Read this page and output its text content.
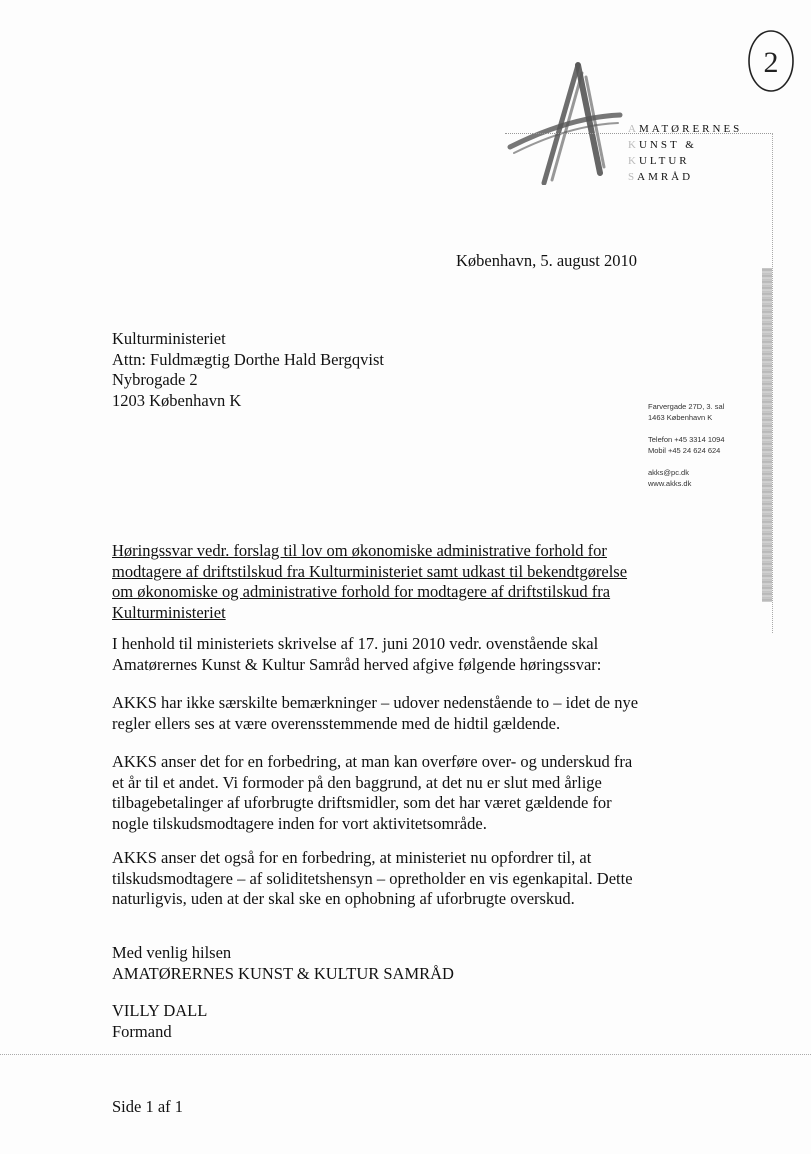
AMATØRERNES
KUNST &
KULTUR
SAMRÅD
2
København, 5. august 2010
Kulturministeriet
Attn: Fuldmægtig Dorthe Hald Bergqvist
Nybrogade 2
1203 København K	Farvergade 27D, 3. sal
1463 København K
Telefon +45 3314 1094
Mobil +45 24 624 624
akks@pc.dk
www.akks.dk
Høringssvar vedr. forslag til lov om økonomiske administrative forhold for
modtagere af driftstilskud fra Kulturministeriet samt udkast til bekendtgørelse
om økonomiske og administrative forhold for modtagere af driftstilskud fra
Kulturministeriet
I henhold til ministeriets skrivelse af 17. juni 2010 vedr. ovenstående skal
Amatørernes Kunst & Kultur Samråd herved afgive følgende høringssvar:
AKKS har ikke særskilte bemærkninger – udover nedenstående to – idet de nye
regler ellers ses at være overensstemmende med de hidtil gældende.
AKKS anser det for en forbedring, at man kan overføre over- og underskud fra
et år til et andet. Vi formoder på den baggrund, at det nu er slut med årlige
tilbagebetalinger af uforbrugte driftsmidler, som det har været gældende for
nogle tilskudsmodtagere inden for vort aktivitetsområde.
AKKS anser det også for en forbedring, at ministeriet nu opfordrer til, at
tilskudsmodtagere – af soliditetshensyn – opretholder en vis egenkapital. Dette
naturligvis, uden at der skal ske en ophobning af uforbrugte overskud.
Med venlig hilsen
AMATØRERNES KUNST & KULTUR SAMRÅD
VILLY DALL
Formand
Side 1 af 1
